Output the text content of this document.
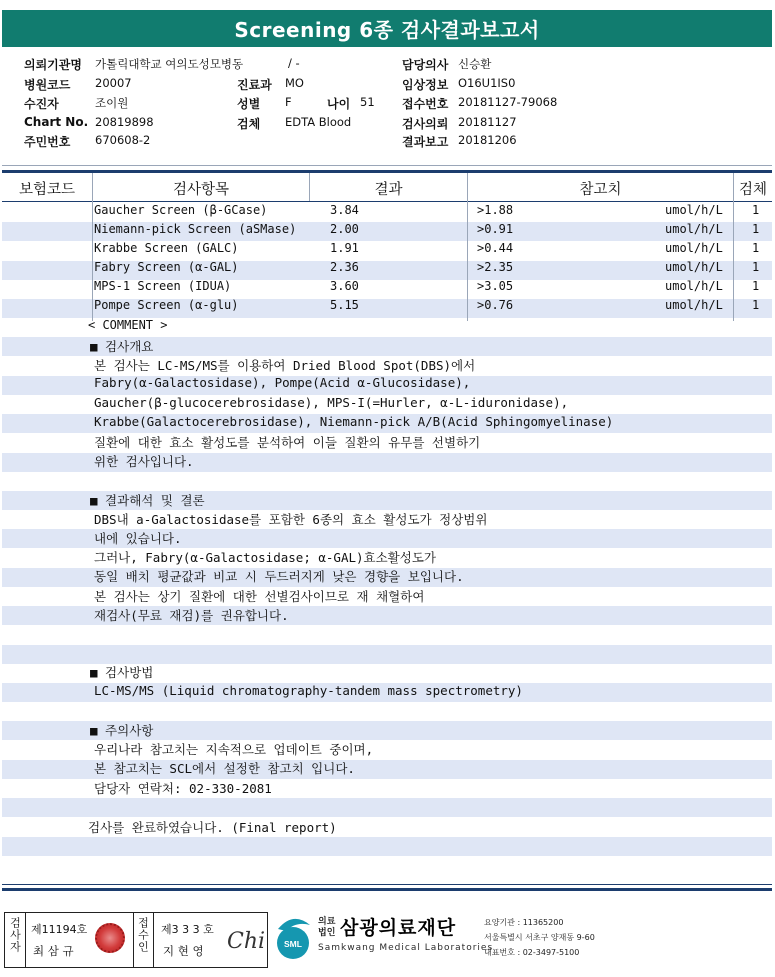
Screening 6종 검사결과보고서
의뢰기관명 가톨릭대학교 여의도성모병동
병원코드 20007
수진자	조이원
Chart No. 20819898
주민번호 670608-2
/ -
진료과 MO
성별 F	나이 51
검체 EDTA Blood
담당의사 신승환
임상정보 O16U1IS0
접수번호 20181127-79068
검사의뢰 20181127
결과보고 20181206
보험코드	검사항목	결과	참고치	검체
Gaucher Screen (β-GCase)	3.84	>1.88	umol/h/L 1
Niemann-pick Screen (aSMase)	2.00	>0.91	umol/h/L 1
Krabbe Screen (GALC)	1.91	>0.44	umol/h/L 1
Fabry Screen (α-GAL)	2.36	>2.35	umol/h/L 1
MPS-1 Screen (IDUA)	3.60	>3.05	umol/h/L 1
Pompe Screen (α-glu)	5.15	>0.76	umol/h/L 1
< COMMENT >
■ 검사개요
본 검사는 LC-MS/MS를 이용하여 Dried Blood Spot(DBS)에서
Fabry(α-Galactosidase), Pompe(Acid α-Glucosidase),
Gaucher(β-glucocerebrosidase), MPS-I(=Hurler, α-L-iduronidase),
Krabbe(Galactocerebrosidase), Niemann-pick A/B(Acid Sphingomyelinase)
질환에 대한 효소 활성도를 분석하여 이들 질환의 유무를 선별하기
위한 검사입니다.
■ 결과해석 및 결론
DBS내 a-Galactosidase를 포함한 6종의 효소 활성도가 정상범위
내에 있습니다.
그러나, Fabry(α-Galactosidase; α-GAL)효소활성도가
동일 배치 평균값과 비교 시 두드러지게 낮은 경향을 보입니다.
본 검사는 상기 질환에 대한 선별검사이므로 재 채혈하여
재검사(무료 재검)를 권유합니다.
■ 검사방법
LC-MS/MS (Liquid chromatography-tandem mass spectrometry)
■ 주의사항
우리나라 참고치는 지속적으로 업데이트 중이며,
본 참고치는 SCL에서 설정한 참고치 입니다.
담당자 연락처: 02-330-2081
검사를 완료하였습니다. (Final report)
검사자 제11194호
최 삼 규	접수인 제3 3 3 호
지 현 영 Chi SML
의료
법인 삼광의료재단
Samkwang Medical Laboratories
요양기관 : 11365200
서울특별시 서초구 양재동 9-60
대표번호 : 02-3497-5100
